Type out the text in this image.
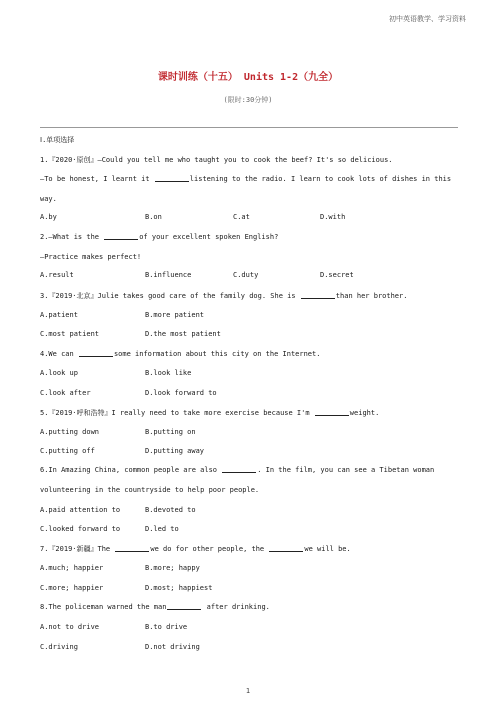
初中英语教学、学习资料
课时训练（十五） Units 1-2（九全）
(限时:30分钟)
Ⅰ.单项选择
1.『2020·原创』—Could you tell me who taught you to cook the beef? It's so delicious.
—To be honest, I learnt it	listening to the radio. I learn to cook lots of dishes in this
way.
A.by	B.on	C.at	D.with
2.—What is the	of your excellent spoken English?
—Practice makes perfect!
A.result	B.influence	C.duty	D.secret
3.『2019·北京』Julie takes good care of the family dog. She is	than her brother.
A.patient	B.more patient
C.most patient	D.the most patient
4.We can	some information about this city on the Internet.
A.look up	B.look like
C.look after	D.look forward to
5.『2019·呼和浩特』I really need to take more exercise because I'm	weight.
A.putting down	B.putting on
C.putting off	D.putting away
6.In Amazing China, common people are also	. In the film, you can see a Tibetan woman
volunteering in the countryside to help poor people.
A.paid attention to	B.devoted to
C.looked forward to	D.led to
7.『2019·新疆』The	we do for other people, the	we will be.
A.much; happier	B.more; happy
C.more; happier	D.most; happiest
8.The policeman warned the man	after drinking.
A.not to drive	B.to drive
C.driving	D.not driving
1
